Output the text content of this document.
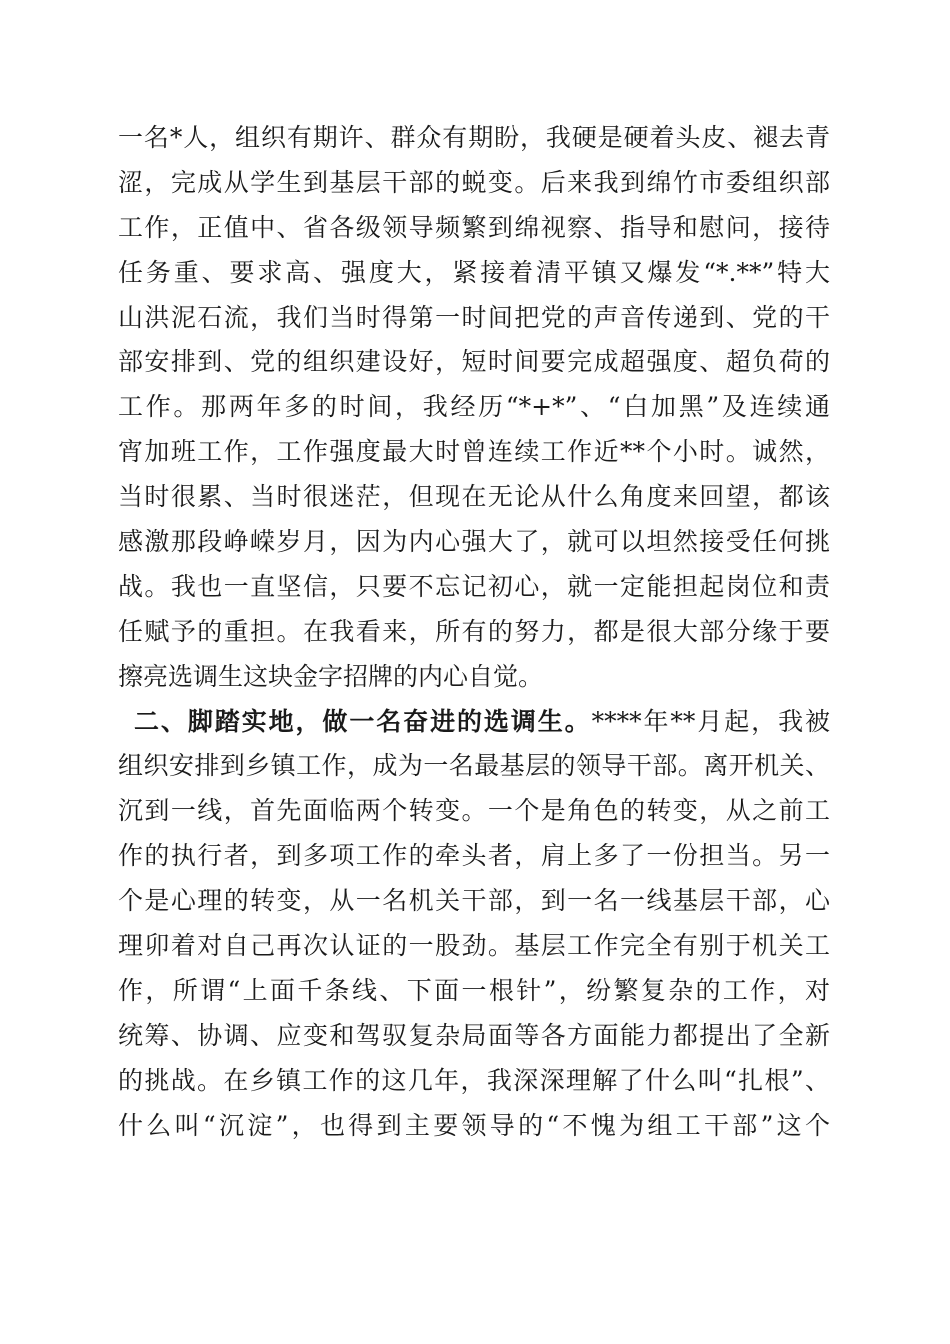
一名*人，组织有期许、群众有期盼，我硬是硬着头皮、褪去青
涩，完成从学生到基层干部的蜕变。后来我到绵竹市委组织部
工作，正值中、省各级领导频繁到绵视察、指导和慰问，接待
任务重、要求高、强度大，紧接着清平镇又爆发“*.**”特大
山洪泥石流，我们当时得第一时间把党的声音传递到、党的干
部安排到、党的组织建设好，短时间要完成超强度、超负荷的
工作。那两年多的时间，我经历“*+*”、“白加黑”及连续通
宵加班工作，工作强度最大时曾连续工作近**个小时。诚然，
当时很累、当时很迷茫，但现在无论从什么角度来回望，都该
感激那段峥嵘岁月，因为内心强大了，就可以坦然接受任何挑
战。我也一直坚信，只要不忘记初心，就一定能担起岗位和责
任赋予的重担。在我看来，所有的努力，都是很大部分缘于要
擦亮选调生这块金字招牌的内心自觉。
二、脚踏实地，做一名奋进的选调生。****年**月起，我被
组织安排到乡镇工作，成为一名最基层的领导干部。离开机关、
沉到一线，首先面临两个转变。一个是角色的转变，从之前工
作的执行者，到多项工作的牵头者，肩上多了一份担当。另一
个是心理的转变，从一名机关干部，到一名一线基层干部，心
理卯着对自己再次认证的一股劲。基层工作完全有别于机关工
作，所谓“上面千条线、下面一根针”，纷繁复杂的工作，对
统筹、协调、应变和驾驭复杂局面等各方面能力都提出了全新
的挑战。在乡镇工作的这几年，我深深理解了什么叫“扎根”、
什么叫“沉淀”，也得到主要领导的“不愧为组工干部”这个
